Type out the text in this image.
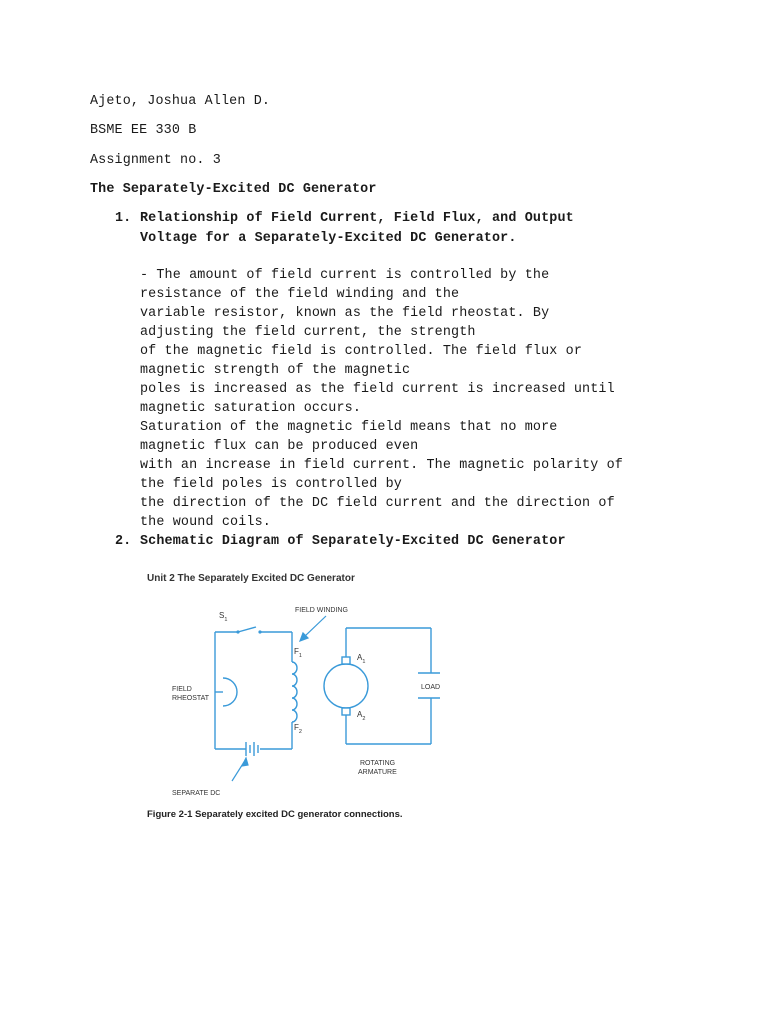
Ajeto, Joshua Allen D.
BSME EE 330 B
Assignment no. 3
The Separately-Excited DC Generator
1. Relationship of Field Current, Field Flux, and Output
Voltage for a Separately-Excited DC Generator.
- The amount of field current is controlled by the
resistance of the field winding and the
variable resistor, known as the field rheostat. By
adjusting the field current, the strength
of the magnetic field is controlled. The field flux or
magnetic strength of the magnetic
poles is increased as the field current is increased until
magnetic saturation occurs.
Saturation of the magnetic field means that no more
magnetic flux can be produced even
with an increase in field current. The magnetic polarity of
the field poles is controlled by
the direction of the DC field current and the direction of
the wound coils.
2. Schematic Diagram of Separately-Excited DC Generator
Unit 2 The Separately Excited DC Generator
$S_1$
FIELD WINDING
$F_1$
$F_2$
$A_1$
$A_2$
FIELD
RHEOSTAT
LOAD
ROTATING
ARMATURE
SEPARATE DC
Figure 2-1 Separately excited DC generator connections.
